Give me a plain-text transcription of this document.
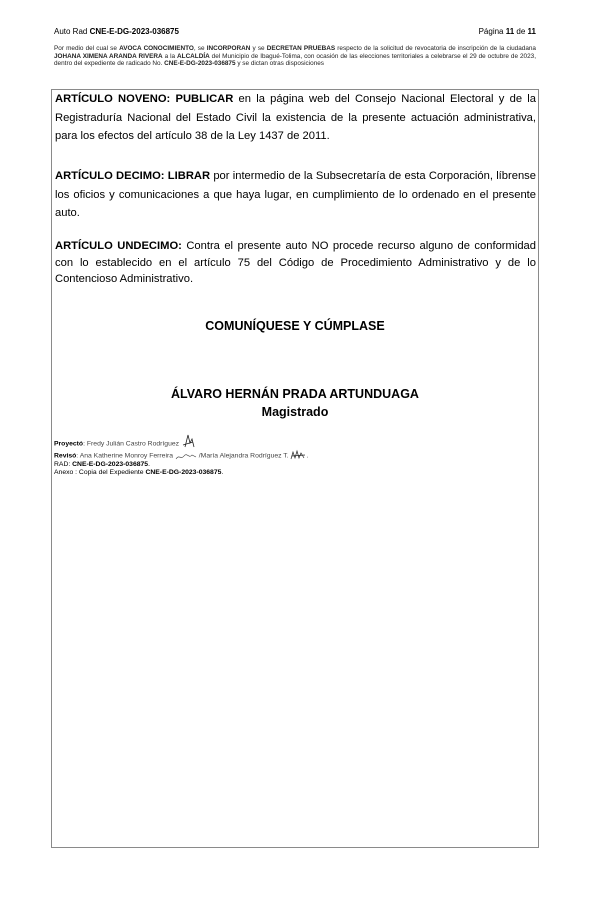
Auto Rad CNE-E-DG-2023-036875	Página 11 de 11
Por medio del cual se AVOCA CONOCIMIENTO, se INCORPORAN y se DECRETAN PRUEBAS respecto de la solicitud de revocatoria de inscripción de la ciudadana JOHANA XIMENA ARANDA RIVERA a la ALCALDÍA del Municipio de Ibagué-Tolima, con ocasión de las elecciones territoriales a celebrarse el 29 de octubre de 2023, dentro del expediente de radicado No. CNE-E-DG-2023-036875 y se dictan otras disposiciones
ARTÍCULO NOVENO: PUBLICAR en la página web del Consejo Nacional Electoral y de la Registraduría Nacional del Estado Civil la existencia de la presente actuación administrativa, para los efectos del artículo 38 de la Ley 1437 de 2011.
ARTÍCULO DECIMO: LIBRAR por intermedio de la Subsecretaría de esta Corporación, líbrense los oficios y comunicaciones a que haya lugar, en cumplimiento de lo ordenado en el presente auto.
ARTÍCULO UNDECIMO: Contra el presente auto NO procede recurso alguno de conformidad con lo establecido en el artículo 75 del Código de Procedimiento Administrativo y de lo Contencioso Administrativo.
COMUNÍQUESE Y CÚMPLASE
ÁLVARO HERNÁN PRADA ARTUNDUAGA
Magistrado
Proyectó: Fredy Julián Castro Rodríguez
Revisó: Ana Katherine Monroy Ferreira	/María Alejandra Rodríguez T.	.
RAD: CNE-E-DG-2023-036875.
Anexo : Copia del Expediente CNE-E-DG-2023-036875.
